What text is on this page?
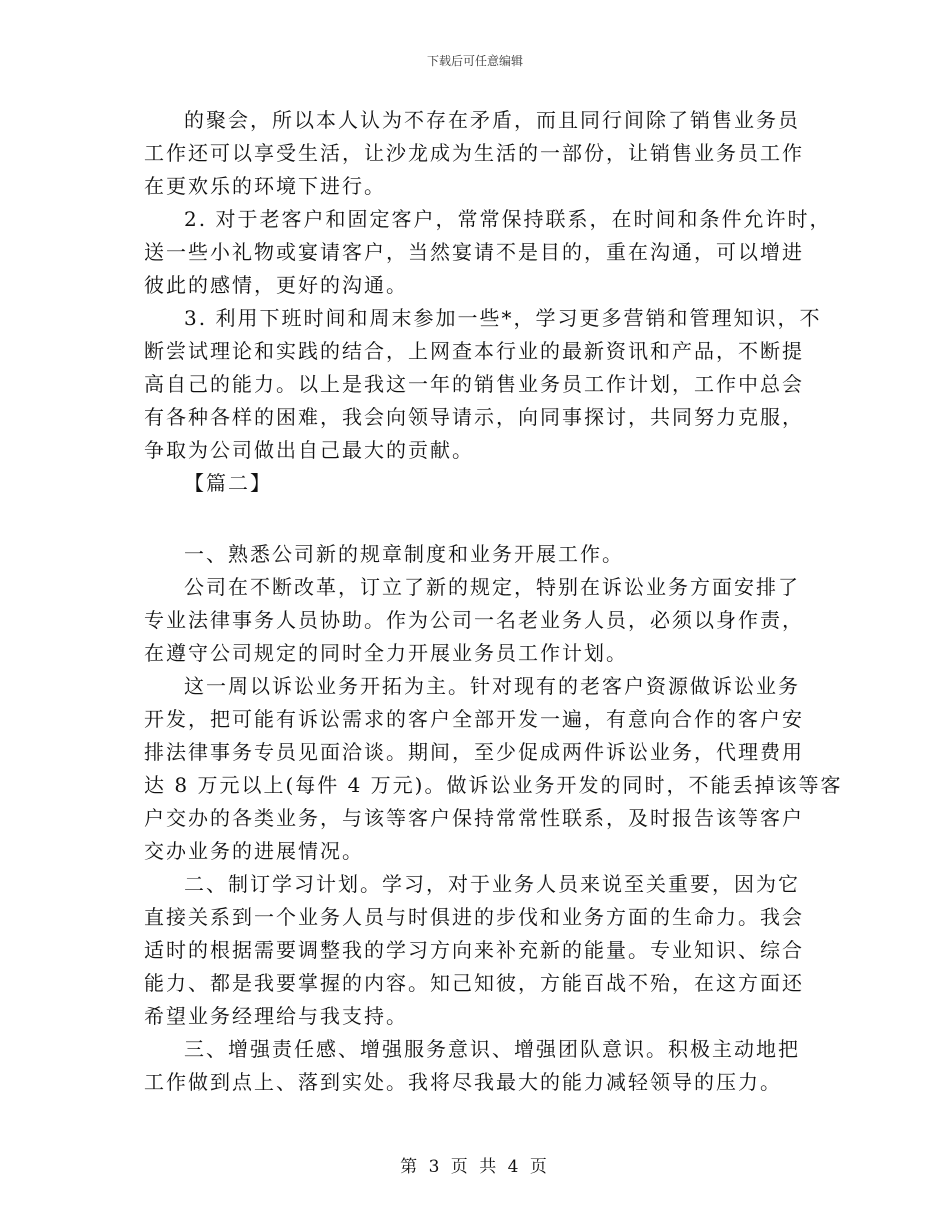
下载后可任意编辑
的聚会，所以本人认为不存在矛盾，而且同行间除了销售业务员
工作还可以享受生活，让沙龙成为生活的一部份，让销售业务员工作
在更欢乐的环境下进行。
2. 对于老客户和固定客户，常常保持联系，在时间和条件允许时，
送一些小礼物或宴请客户，当然宴请不是目的，重在沟通，可以增进
彼此的感情，更好的沟通。
3. 利用下班时间和周末参加一些*，学习更多营销和管理知识，不
断尝试理论和实践的结合，上网查本行业的最新资讯和产品，不断提
高自己的能力。以上是我这一年的销售业务员工作计划，工作中总会
有各种各样的困难，我会向领导请示，向同事探讨，共同努力克服，
争取为公司做出自己最大的贡献。
【篇二】
一、熟悉公司新的规章制度和业务开展工作。
公司在不断改革，订立了新的规定，特别在诉讼业务方面安排了
专业法律事务人员协助。作为公司一名老业务人员，必须以身作责，
在遵守公司规定的同时全力开展业务员工作计划。
这一周以诉讼业务开拓为主。针对现有的老客户资源做诉讼业务
开发，把可能有诉讼需求的客户全部开发一遍，有意向合作的客户安
排法律事务专员见面洽谈。期间，至少促成两件诉讼业务，代理费用
达 8 万元以上(每件 4 万元)。做诉讼业务开发的同时，不能丢掉该等客
户交办的各类业务，与该等客户保持常常性联系，及时报告该等客户
交办业务的进展情况。
二、制订学习计划。学习，对于业务人员来说至关重要，因为它
直接关系到一个业务人员与时俱进的步伐和业务方面的生命力。我会
适时的根据需要调整我的学习方向来补充新的能量。专业知识、综合
能力、都是我要掌握的内容。知己知彼，方能百战不殆，在这方面还
希望业务经理给与我支持。
三、增强责任感、增强服务意识、增强团队意识。积极主动地把
工作做到点上、落到实处。我将尽我最大的能力减轻领导的压力。
第 3 页 共 4 页
